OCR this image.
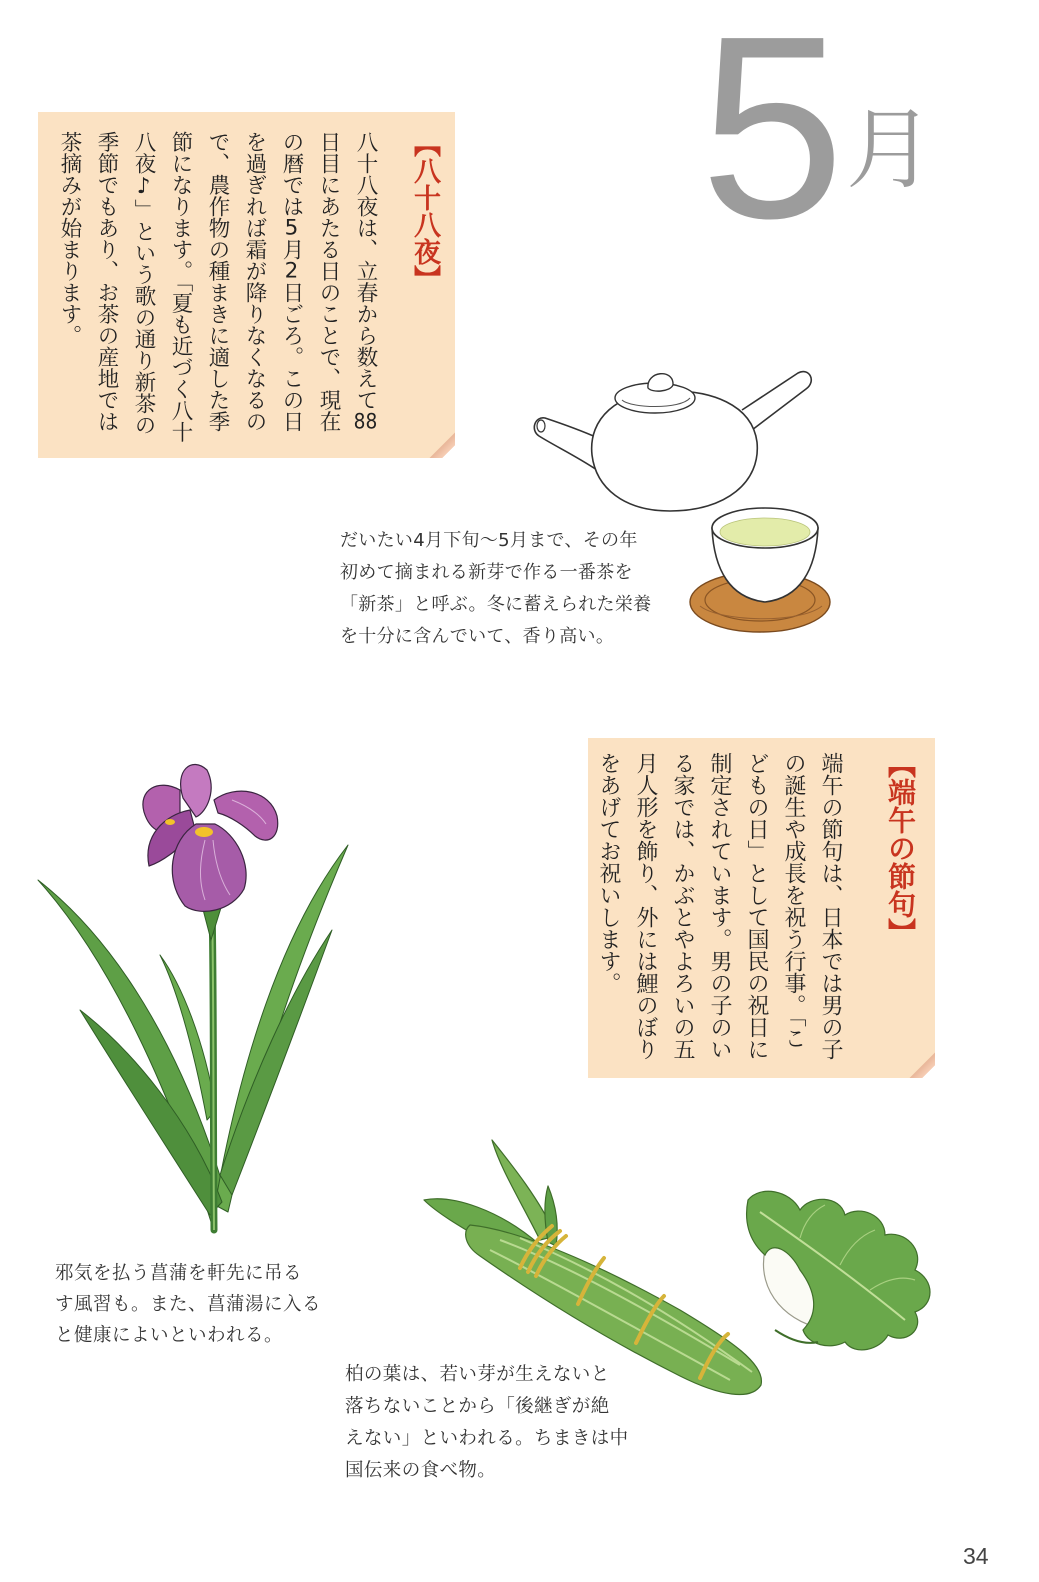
5 月
【八十八夜】
八十八夜は、立春から数えて88
日目にあたる日のことで、現在
の暦では5月2日ごろ。この日
を過ぎれば霜が降りなくなるの
で、農作物の種まきに適した季
節になります。「夏も近づく八十
八夜♪」という歌の通り新茶の
季節でもあり、お茶の産地では
茶摘みが始まります。
だいたい4月下旬〜5月まで、その年
初めて摘まれる新芽で作る一番茶を
「新茶」と呼ぶ。冬に蓄えられた栄養
を十分に含んでいて、香り高い。
【端午の節句】
端午の節句は、日本では男の子
の誕生や成長を祝う行事。「こ
どもの日」として国民の祝日に
制定されています。男の子のい
る家では、かぶとやよろいの五
月人形を飾り、外には鯉のぼり
をあげてお祝いします。
邪気を払う菖蒲を軒先に吊る
す風習も。また、菖蒲湯に入る
と健康によいといわれる。
柏の葉は、若い芽が生えないと
落ちないことから「後継ぎが絶
えない」といわれる。ちまきは中
国伝来の食べ物。
34
